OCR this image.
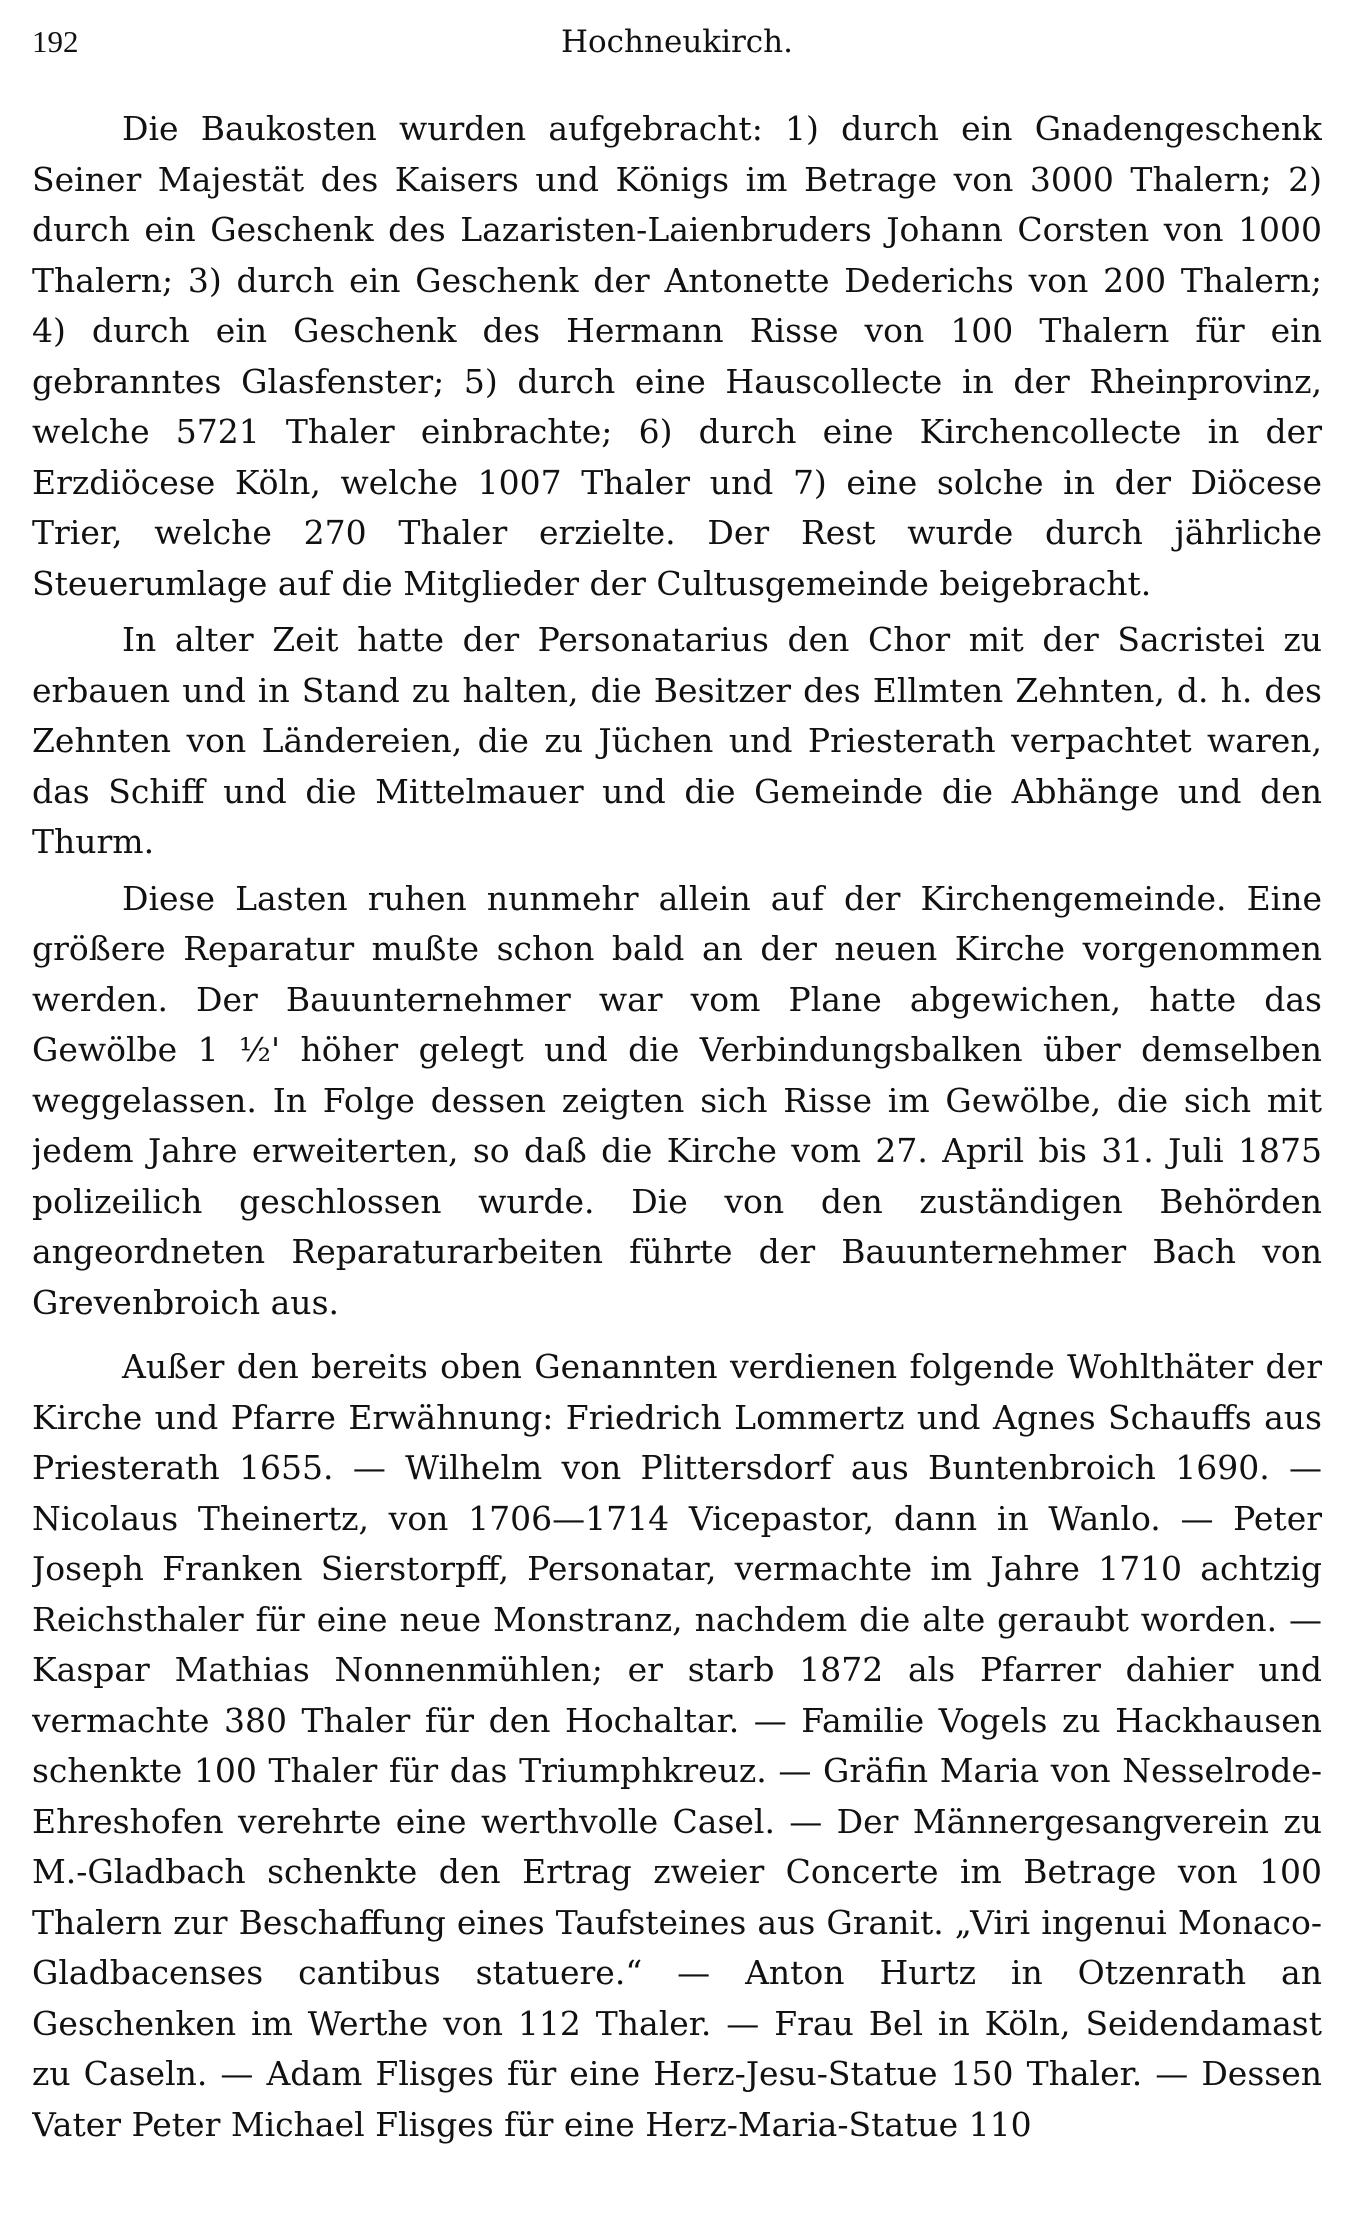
192	Hochneukirch.

Die Baukosten wurden aufgebracht: 1) durch ein Gnadengeschenk Seiner Majestät des Kaisers und Königs im Betrage von 3000 Thalern; 2) durch ein Geschenk des Lazaristen-Laienbruders Johann Corsten von 1000 Thalern; 3) durch ein Geschenk der Antonette Dederichs von 200 Thalern; 4) durch ein Geschenk des Hermann Risse von 100 Thalern für ein gebranntes Glasfenster; 5) durch eine Hauscollecte in der Rheinprovinz, welche 5721 Thaler einbrachte; 6) durch eine Kirchencollecte in der Erzdiöcese Köln, welche 1007 Thaler und 7) eine solche in der Diöcese Trier, welche 270 Thaler erzielte. Der Rest wurde durch jährliche Steuerumlage auf die Mitglieder der Cultusgemeinde beigebracht.

In alter Zeit hatte der Personatarius den Chor mit der Sacristei zu erbauen und in Stand zu halten, die Besitzer des Ellmten Zehnten, d. h. des Zehnten von Ländereien, die zu Jüchen und Priesterath verpachtet waren, das Schiff und die Mittelmauer und die Gemeinde die Abhänge und den Thurm.

Diese Lasten ruhen nunmehr allein auf der Kirchengemeinde. Eine größere Reparatur mußte schon bald an der neuen Kirche vorgenommen werden. Der Bauunternehmer war vom Plane abgewichen, hatte das Gewölbe 1 ½' höher gelegt und die Verbindungsbalken über demselben weggelassen. In Folge dessen zeigten sich Risse im Gewölbe, die sich mit jedem Jahre erweiterten, so daß die Kirche vom 27. April bis 31. Juli 1875 polizeilich geschlossen wurde. Die von den zuständigen Behörden angeordneten Reparaturarbeiten führte der Bauunternehmer Bach von Grevenbroich aus.

Außer den bereits oben Genannten verdienen folgende Wohlthäter der Kirche und Pfarre Erwähnung: Friedrich Lommertz und Agnes Schauffs aus Priesterath 1655. — Wilhelm von Plittersdorf aus Buntenbroich 1690. — Nicolaus Theinertz, von 1706—1714 Vicepastor, dann in Wanlo. — Peter Joseph Franken Sierstorpff, Personatar, vermachte im Jahre 1710 achtzig Reichsthaler für eine neue Monstranz, nachdem die alte geraubt worden. — Kaspar Mathias Nonnenmühlen; er starb 1872 als Pfarrer dahier und vermachte 380 Thaler für den Hochaltar. — Familie Vogels zu Hackhausen schenkte 100 Thaler für das Triumphkreuz. — Gräfin Maria von Nesselrode-Ehreshofen verehrte eine werthvolle Casel. — Der Männergesangverein zu M.-Gladbach schenkte den Ertrag zweier Concerte im Betrage von 100 Thalern zur Beschaffung eines Taufsteines aus Granit. „Viri ingenui Monaco-Gladbacenses cantibus statuere.“ — Anton Hurtz in Otzenrath an Geschenken im Werthe von 112 Thaler. — Frau Bel in Köln, Seidendamast zu Caseln. — Adam Flisges für eine Herz-Jesu-Statue 150 Thaler. — Dessen Vater Peter Michael Flisges für eine Herz-Maria-Statue 110
